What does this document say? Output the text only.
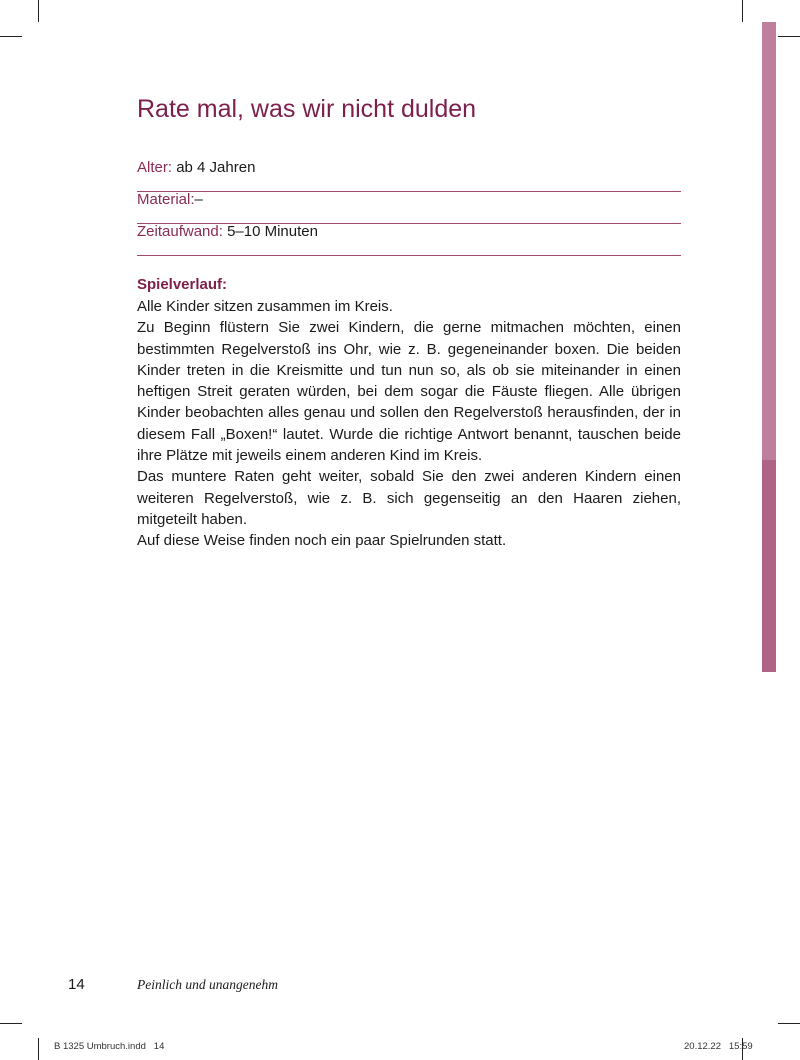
Rate mal, was wir nicht dulden
Alter: ab 4 Jahren
Material:–
Zeitaufwand: 5–10 Minuten
Spielverlauf:

Alle Kinder sitzen zusammen im Kreis.

Zu Beginn flüstern Sie zwei Kindern, die gerne mitmachen möchten, einen bestimmten Regelverstoß ins Ohr, wie z. B. gegeneinander boxen. Die beiden Kinder treten in die Kreismitte und tun nun so, als ob sie miteinander in einen heftigen Streit geraten würden, bei dem sogar die Fäuste fliegen. Alle übrigen Kinder beobachten alles genau und sollen den Regelverstoß herausfinden, der in diesem Fall „Boxen!“ lautet. Wurde die richtige Antwort benannt, tauschen beide ihre Plätze mit jeweils einem anderen Kind im Kreis.

Das muntere Raten geht weiter, sobald Sie den zwei anderen Kindern einen weiteren Regelverstoß, wie z. B. sich gegenseitig an den Haaren ziehen, mitgeteilt haben.

Auf diese Weise finden noch ein paar Spielrunden statt.

14	Peinlich und unangenehm
B 1325 Umbruch.indd   14	20.12.22   15:59
